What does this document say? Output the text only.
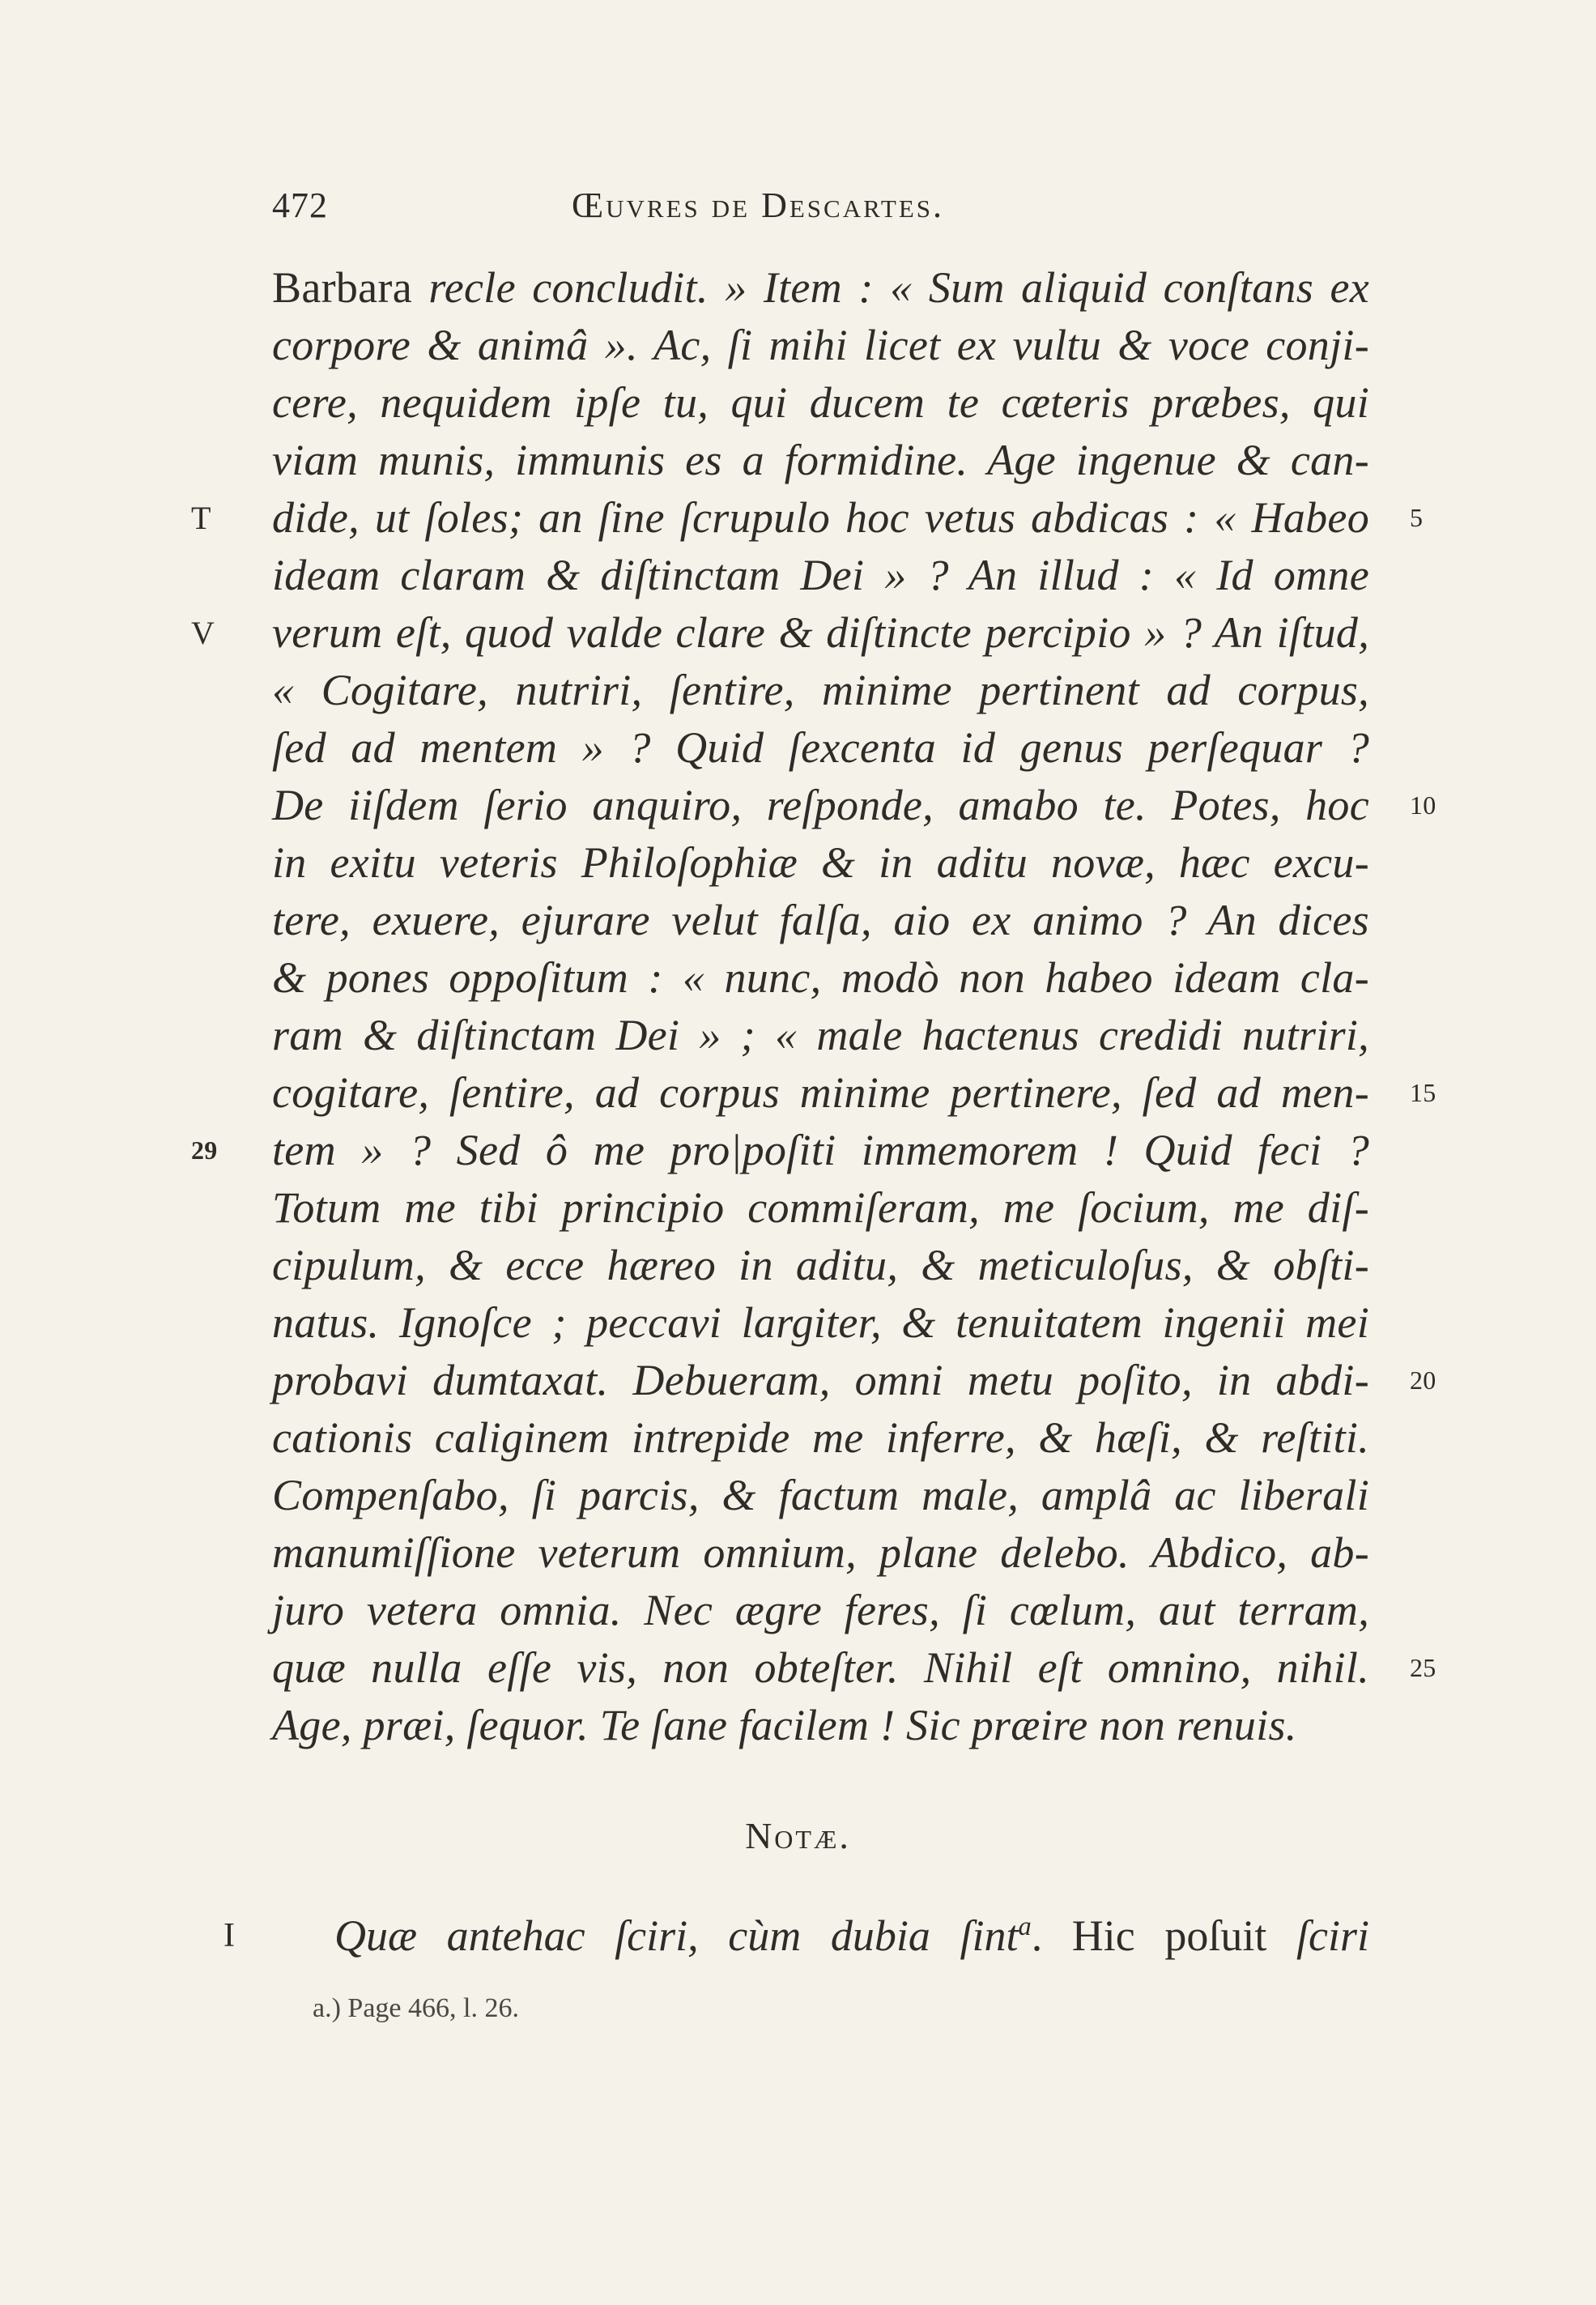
472	Œuvres de Descartes.
Barbara recle concludit. » Item : « Sum aliquid conſtans ex
corpore & animâ ». Ac, ſi mihi licet ex vultu & voce conji-
cere, nequidem ipſe tu, qui ducem te cæteris præbes, qui
viam munis, immunis es a formidine. Age ingenue & can-
dide, ut ſoles; an ſine ſcrupulo hoc vetus abdicas : « Habeo
T	5
ideam claram & diſtinctam Dei » ? An illud : « Id omne
verum eſt, quod valde clare & diſtincte percipio » ? An iſtud,
V
« Cogitare, nutriri, ſentire, minime pertinent ad corpus,
ſed ad mentem » ? Quid ſexcenta id genus perſequar ?
De iiſdem ſerio anquiro, reſponde, amabo te. Potes, hoc 10
in exitu veteris Philoſophiæ & in aditu novæ, hæc excu-
tere, exuere, ejurare velut falſa, aio ex animo ? An dices
& pones oppoſitum : « nunc, modò non habeo ideam cla-
ram & diſtinctam Dei » ; « male hactenus credidi nutriri,
cogitare, ſentire, ad corpus minime pertinere, ſed ad men- 15
tem » ? Sed ô me pro|poſiti immemorem ! Quid feci ?
29
Totum me tibi principio commiſeram, me ſocium, me diſ-
cipulum, & ecce hæreo in aditu, & meticuloſus, & obſti-
natus. Ignoſce ; peccavi largiter, & tenuitatem ingenii mei
probavi dumtaxat. Debueram, omni metu poſito, in abdi- 20
cationis caliginem intrepide me inferre, & hæſi, & reſtiti.
Compenſabo, ſi parcis, & factum male, amplâ ac liberali
manumiſſione veterum omnium, plane delebo. Abdico, ab-
juro vetera omnia. Nec ægre feres, ſi cœlum, aut terram,
quæ nulla eſſe vis, non obteſter. Nihil eſt omnino, nihil. 25
Age, præi, ſequor. Te ſane facilem ! Sic præire non renuis.
Notæ.
I Quæ antehac ſciri, cùm dubia ſint$^a$. Hic poſuit ſciri
a.) Page 466, l. 26.
